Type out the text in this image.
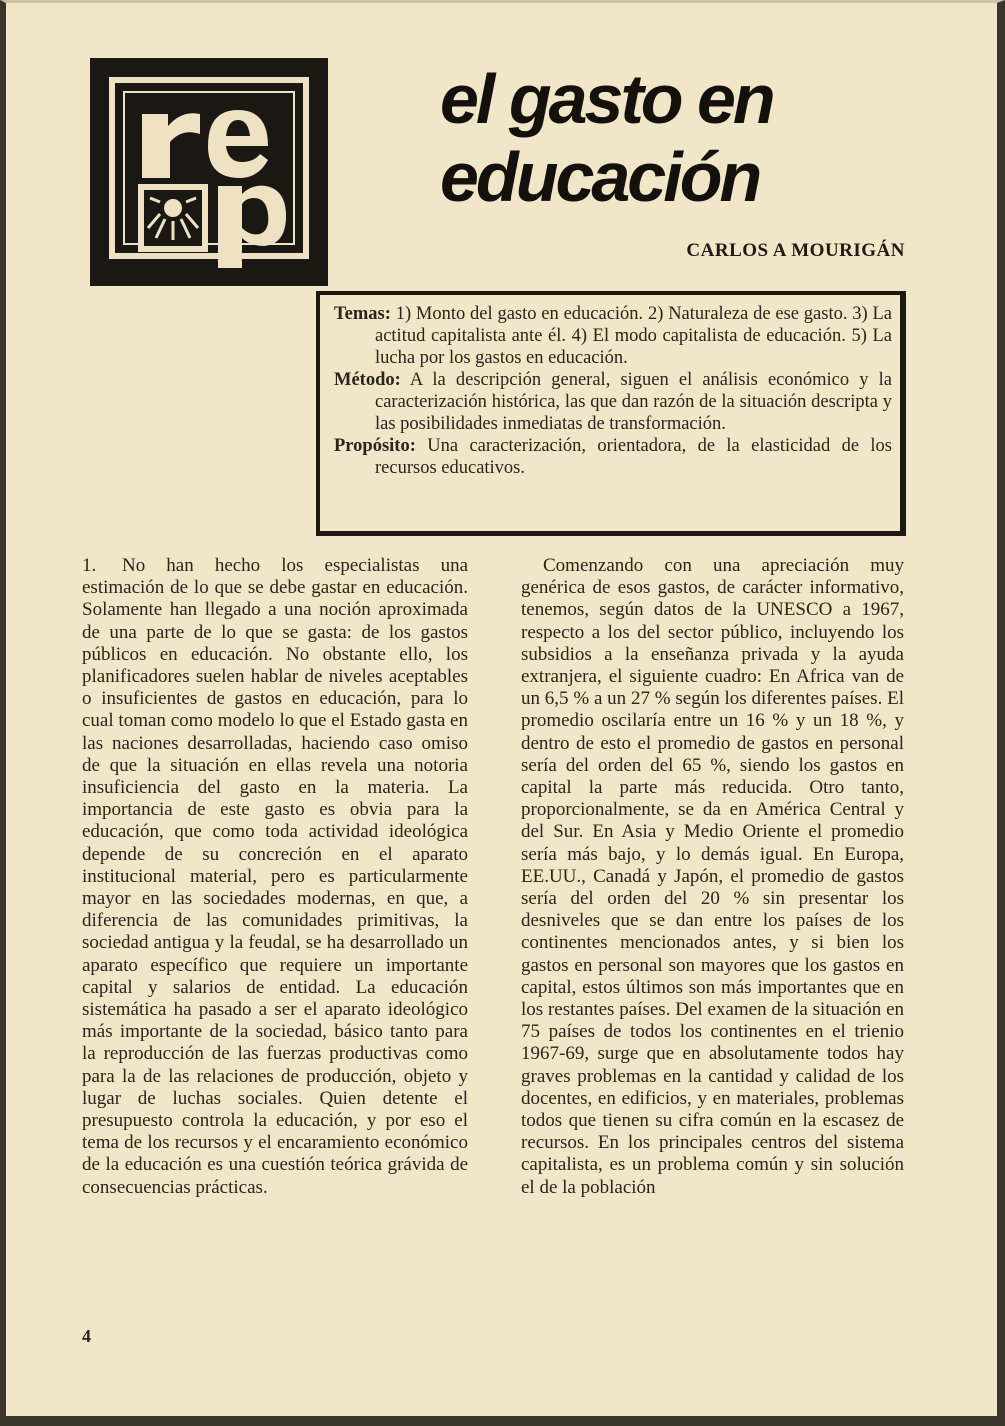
el gasto en
educación
CARLOS A MOURIGÁN

Temas: 1) Monto del gasto en educación. 2) Naturaleza de ese gasto. 3) La actitud capitalista ante él. 4) El modo capitalista de educación. 5) La lucha por los gastos en educación.

Método: A la descripción general, siguen el análisis económico y la caracterización histórica, las que dan razón de la situación descripta y las posibilidades inmediatas de transformación.

Propósito: Una caracterización, orientadora, de la elasticidad de los recursos educativos.

1. No han hecho los especialistas una estimación de lo que se debe gastar en educación. Solamente han llegado a una noción aproximada de una parte de lo que se gasta: de los gastos públicos en educación. No obstante ello, los planificadores suelen hablar de niveles aceptables o insuficientes de gastos en educación, para lo cual toman como modelo lo que el Estado gasta en las naciones desarrolladas, haciendo caso omiso de que la situación en ellas revela una notoria insuficiencia del gasto en la materia. La importancia de este gasto es obvia para la educación, que como toda actividad ideológica depende de su concreción en el aparato institucional material, pero es particularmente mayor en las sociedades modernas, en que, a diferencia de las comunidades primitivas, la sociedad antigua y la feudal, se ha desarrollado un aparato específico que requiere un importante capital y salarios de entidad. La educación sistemática ha pasado a ser el aparato ideológico más importante de la sociedad, básico tanto para la reproducción de las fuerzas productivas como para la de las relaciones de producción, objeto y lugar de luchas sociales. Quien detente el presupuesto controla la educación, y por eso el tema de los recursos y el encaramiento económico de la educación es una cuestión teórica grávida de consecuencias prácticas.

Comenzando con una apreciación muy genérica de esos gastos, de carácter informativo, tenemos, según datos de la UNESCO a 1967, respecto a los del sector público, incluyendo los subsidios a la enseñanza privada y la ayuda extranjera, el siguiente cuadro: En Africa van de un 6,5 % a un 27 % según los diferentes países. El promedio oscilaría entre un 16 % y un 18 %, y dentro de esto el promedio de gastos en personal sería del orden del 65 %, siendo los gastos en capital la parte más reducida. Otro tanto, proporcionalmente, se da en América Central y del Sur. En Asia y Medio Oriente el promedio sería más bajo, y lo demás igual. En Europa, EE.UU., Canadá y Japón, el promedio de gastos sería del orden del 20 % sin presentar los desniveles que se dan entre los países de los continentes mencionados antes, y si bien los gastos en personal son mayores que los gastos en capital, estos últimos son más importantes que en los restantes países. Del examen de la situación en 75 países de todos los continentes en el trienio 1967-69, surge que en absolutamente todos hay graves problemas en la cantidad y calidad de los docentes, en edificios, y en materiales, problemas todos que tienen su cifra común en la escasez de recursos. En los principales centros del sistema capitalista, es un problema común y sin solución el de la población

4
